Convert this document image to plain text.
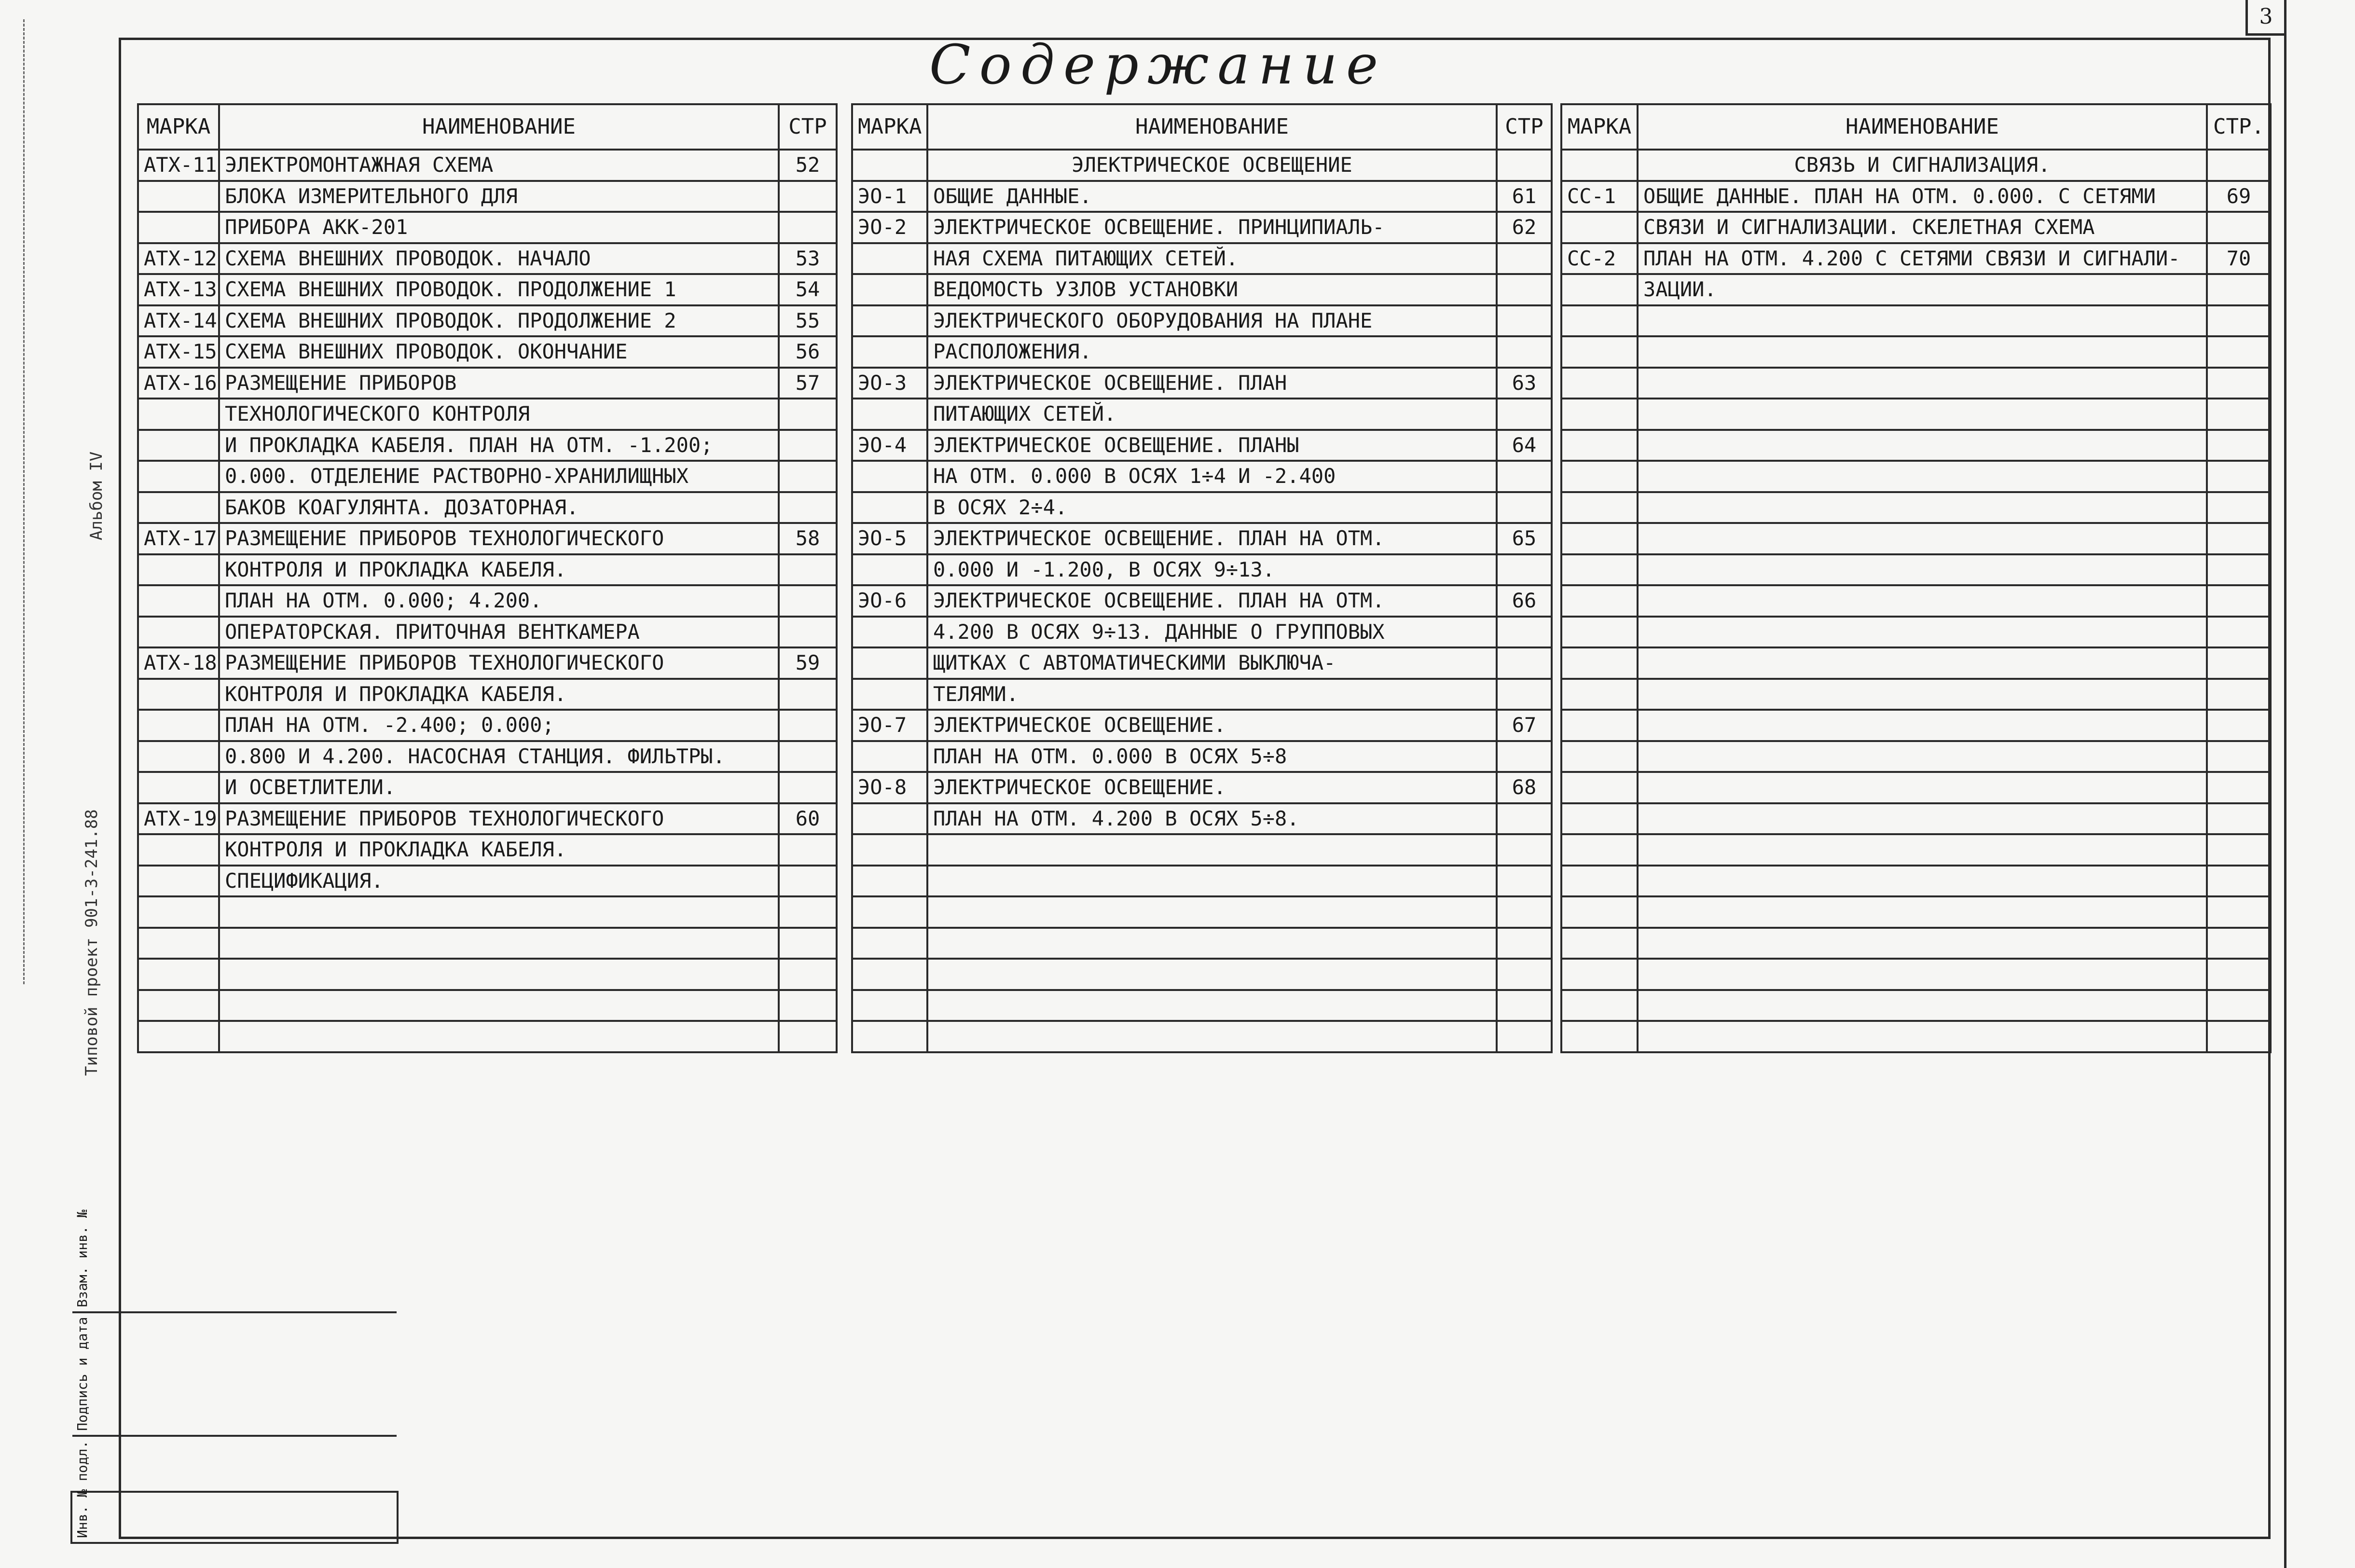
3
Содержание
Альбом IV
Типовой проект 901-3-241.88
Инв. № подл.
Подпись и дата
Взам. инв. №
МАРКА	НАИМЕНОВАНИЕ	СТР
АТХ-11	ЭЛЕКТРОМОНТАЖНАЯ СХЕМА	52
	БЛОКА ИЗМЕРИТЕЛЬНОГО ДЛЯ	
	ПРИБОРА АКК-201	
АТХ-12	СХЕМА ВНЕШНИХ ПРОВОДОК. НАЧАЛО	53
АТХ-13	СХЕМА ВНЕШНИХ ПРОВОДОК. ПРОДОЛЖЕНИЕ 1	54
АТХ-14	СХЕМА ВНЕШНИХ ПРОВОДОК. ПРОДОЛЖЕНИЕ 2	55
АТХ-15	СХЕМА ВНЕШНИХ ПРОВОДОК. ОКОНЧАНИЕ	56
АТХ-16	РАЗМЕЩЕНИЕ ПРИБОРОВ	57
	ТЕХНОЛОГИЧЕСКОГО КОНТРОЛЯ	
	И ПРОКЛАДКА КАБЕЛЯ. ПЛАН НА ОТМ. -1.200;	
	0.000. ОТДЕЛЕНИЕ РАСТВОРНО-ХРАНИЛИЩНЫХ	
	БАКОВ КОАГУЛЯНТА. ДОЗАТОРНАЯ.	
АТХ-17	РАЗМЕЩЕНИЕ ПРИБОРОВ ТЕХНОЛОГИЧЕСКОГО	58
	КОНТРОЛЯ И ПРОКЛАДКА КАБЕЛЯ.	
	ПЛАН НА ОТМ. 0.000; 4.200.	
	ОПЕРАТОРСКАЯ. ПРИТОЧНАЯ ВЕНТКАМЕРА	
АТХ-18	РАЗМЕЩЕНИЕ ПРИБОРОВ ТЕХНОЛОГИЧЕСКОГО	59
	КОНТРОЛЯ И ПРОКЛАДКА КАБЕЛЯ.	
	ПЛАН НА ОТМ. -2.400; 0.000;	
	0.800 И 4.200. НАСОСНАЯ СТАНЦИЯ. ФИЛЬТРЫ.	
	И ОСВЕТЛИТЕЛИ.	
АТХ-19	РАЗМЕЩЕНИЕ ПРИБОРОВ ТЕХНОЛОГИЧЕСКОГО	60
	КОНТРОЛЯ И ПРОКЛАДКА КАБЕЛЯ.	
	СПЕЦИФИКАЦИЯ.	

МАРКА	НАИМЕНОВАНИЕ	СТР
	ЭЛЕКТРИЧЕСКОЕ ОСВЕЩЕНИЕ	
ЭО-1	ОБЩИЕ ДАННЫЕ.	61
ЭО-2	ЭЛЕКТРИЧЕСКОЕ ОСВЕЩЕНИЕ. ПРИНЦИПИАЛЬ-	62
	НАЯ СХЕМА ПИТАЮЩИХ СЕТЕЙ.	
	ВЕДОМОСТЬ УЗЛОВ УСТАНОВКИ	
	ЭЛЕКТРИЧЕСКОГО ОБОРУДОВАНИЯ НА ПЛАНЕ	
	РАСПОЛОЖЕНИЯ.	
ЭО-3	ЭЛЕКТРИЧЕСКОЕ ОСВЕЩЕНИЕ. ПЛАН	63
	ПИТАЮЩИХ СЕТЕЙ.	
ЭО-4	ЭЛЕКТРИЧЕСКОЕ ОСВЕЩЕНИЕ. ПЛАНЫ	64
	НА ОТМ. 0.000 В ОСЯХ 1÷4 И -2.400	
	В ОСЯХ 2÷4.	
ЭО-5	ЭЛЕКТРИЧЕСКОЕ ОСВЕЩЕНИЕ. ПЛАН НА ОТМ.	65
	0.000 И -1.200, В ОСЯХ 9÷13.	
ЭО-6	ЭЛЕКТРИЧЕСКОЕ ОСВЕЩЕНИЕ. ПЛАН НА ОТМ.	66
	4.200 В ОСЯХ 9÷13. ДАННЫЕ О ГРУППОВЫХ	
	ЩИТКАХ С АВТОМАТИЧЕСКИМИ ВЫКЛЮЧА-	
	ТЕЛЯМИ.	
ЭО-7	ЭЛЕКТРИЧЕСКОЕ ОСВЕЩЕНИЕ.	67
	ПЛАН НА ОТМ. 0.000 В ОСЯХ 5÷8	
ЭО-8	ЭЛЕКТРИЧЕСКОЕ ОСВЕЩЕНИЕ.	68
	ПЛАН НА ОТМ. 4.200 В ОСЯХ 5÷8.	

МАРКА	НАИМЕНОВАНИЕ	СТР.
	СВЯЗЬ И СИГНАЛИЗАЦИЯ.	
СС-1	ОБЩИЕ ДАННЫЕ. ПЛАН НА ОТМ. 0.000. С СЕТЯМИ	69
	СВЯЗИ И СИГНАЛИЗАЦИИ. СКЕЛЕТНАЯ СХЕМА	
СС-2	ПЛАН НА ОТМ. 4.200 С СЕТЯМИ СВЯЗИ И СИГНАЛИ-	70
	ЗАЦИИ.	
